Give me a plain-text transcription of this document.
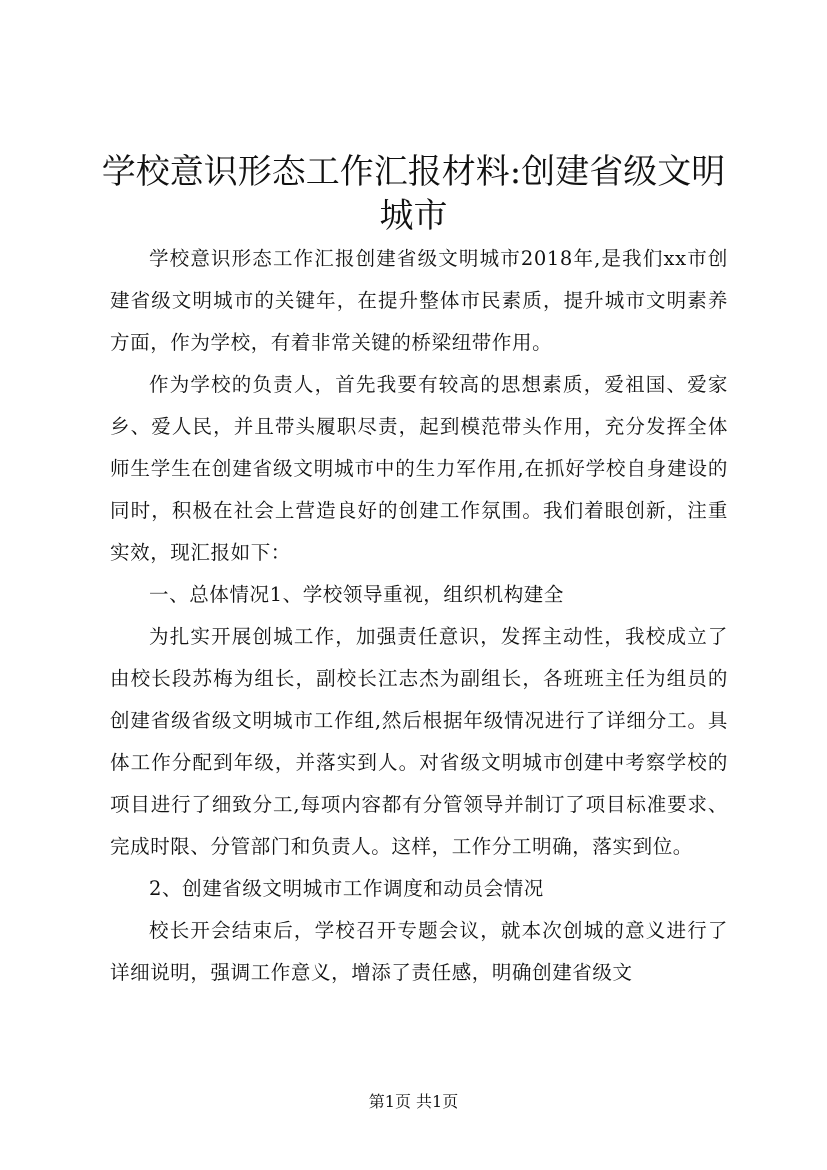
学校意识形态工作汇报材料:创建省级文明城市

学校意识形态工作汇报创建省级文明城市2018年,是我们xx市创建省级文明城市的关键年，在提升整体市民素质，提升城市文明素养方面，作为学校，有着非常关键的桥梁纽带作用。

作为学校的负责人，首先我要有较高的思想素质，爱祖国、爱家乡、爱人民，并且带头履职尽责，起到模范带头作用，充分发挥全体师生学生在创建省级文明城市中的生力军作用,在抓好学校自身建设的同时，积极在社会上营造良好的创建工作氛围。我们着眼创新，注重实效，现汇报如下：

一、总体情况1、学校领导重视，组织机构建全

为扎实开展创城工作，加强责任意识，发挥主动性，我校成立了由校长段苏梅为组长，副校长江志杰为副组长，各班班主任为组员的创建省级省级文明城市工作组,然后根据年级情况进行了详细分工。具体工作分配到年级，并落实到人。对省级文明城市创建中考察学校的项目进行了细致分工,每项内容都有分管领导并制订了项目标准要求、完成时限、分管部门和负责人。这样，工作分工明确，落实到位。

2、创建省级文明城市工作调度和动员会情况

校长开会结束后，学校召开专题会议，就本次创城的意义进行了详细说明，强调工作意义，增添了责任感，明确创建省级文

第1页 共1页
